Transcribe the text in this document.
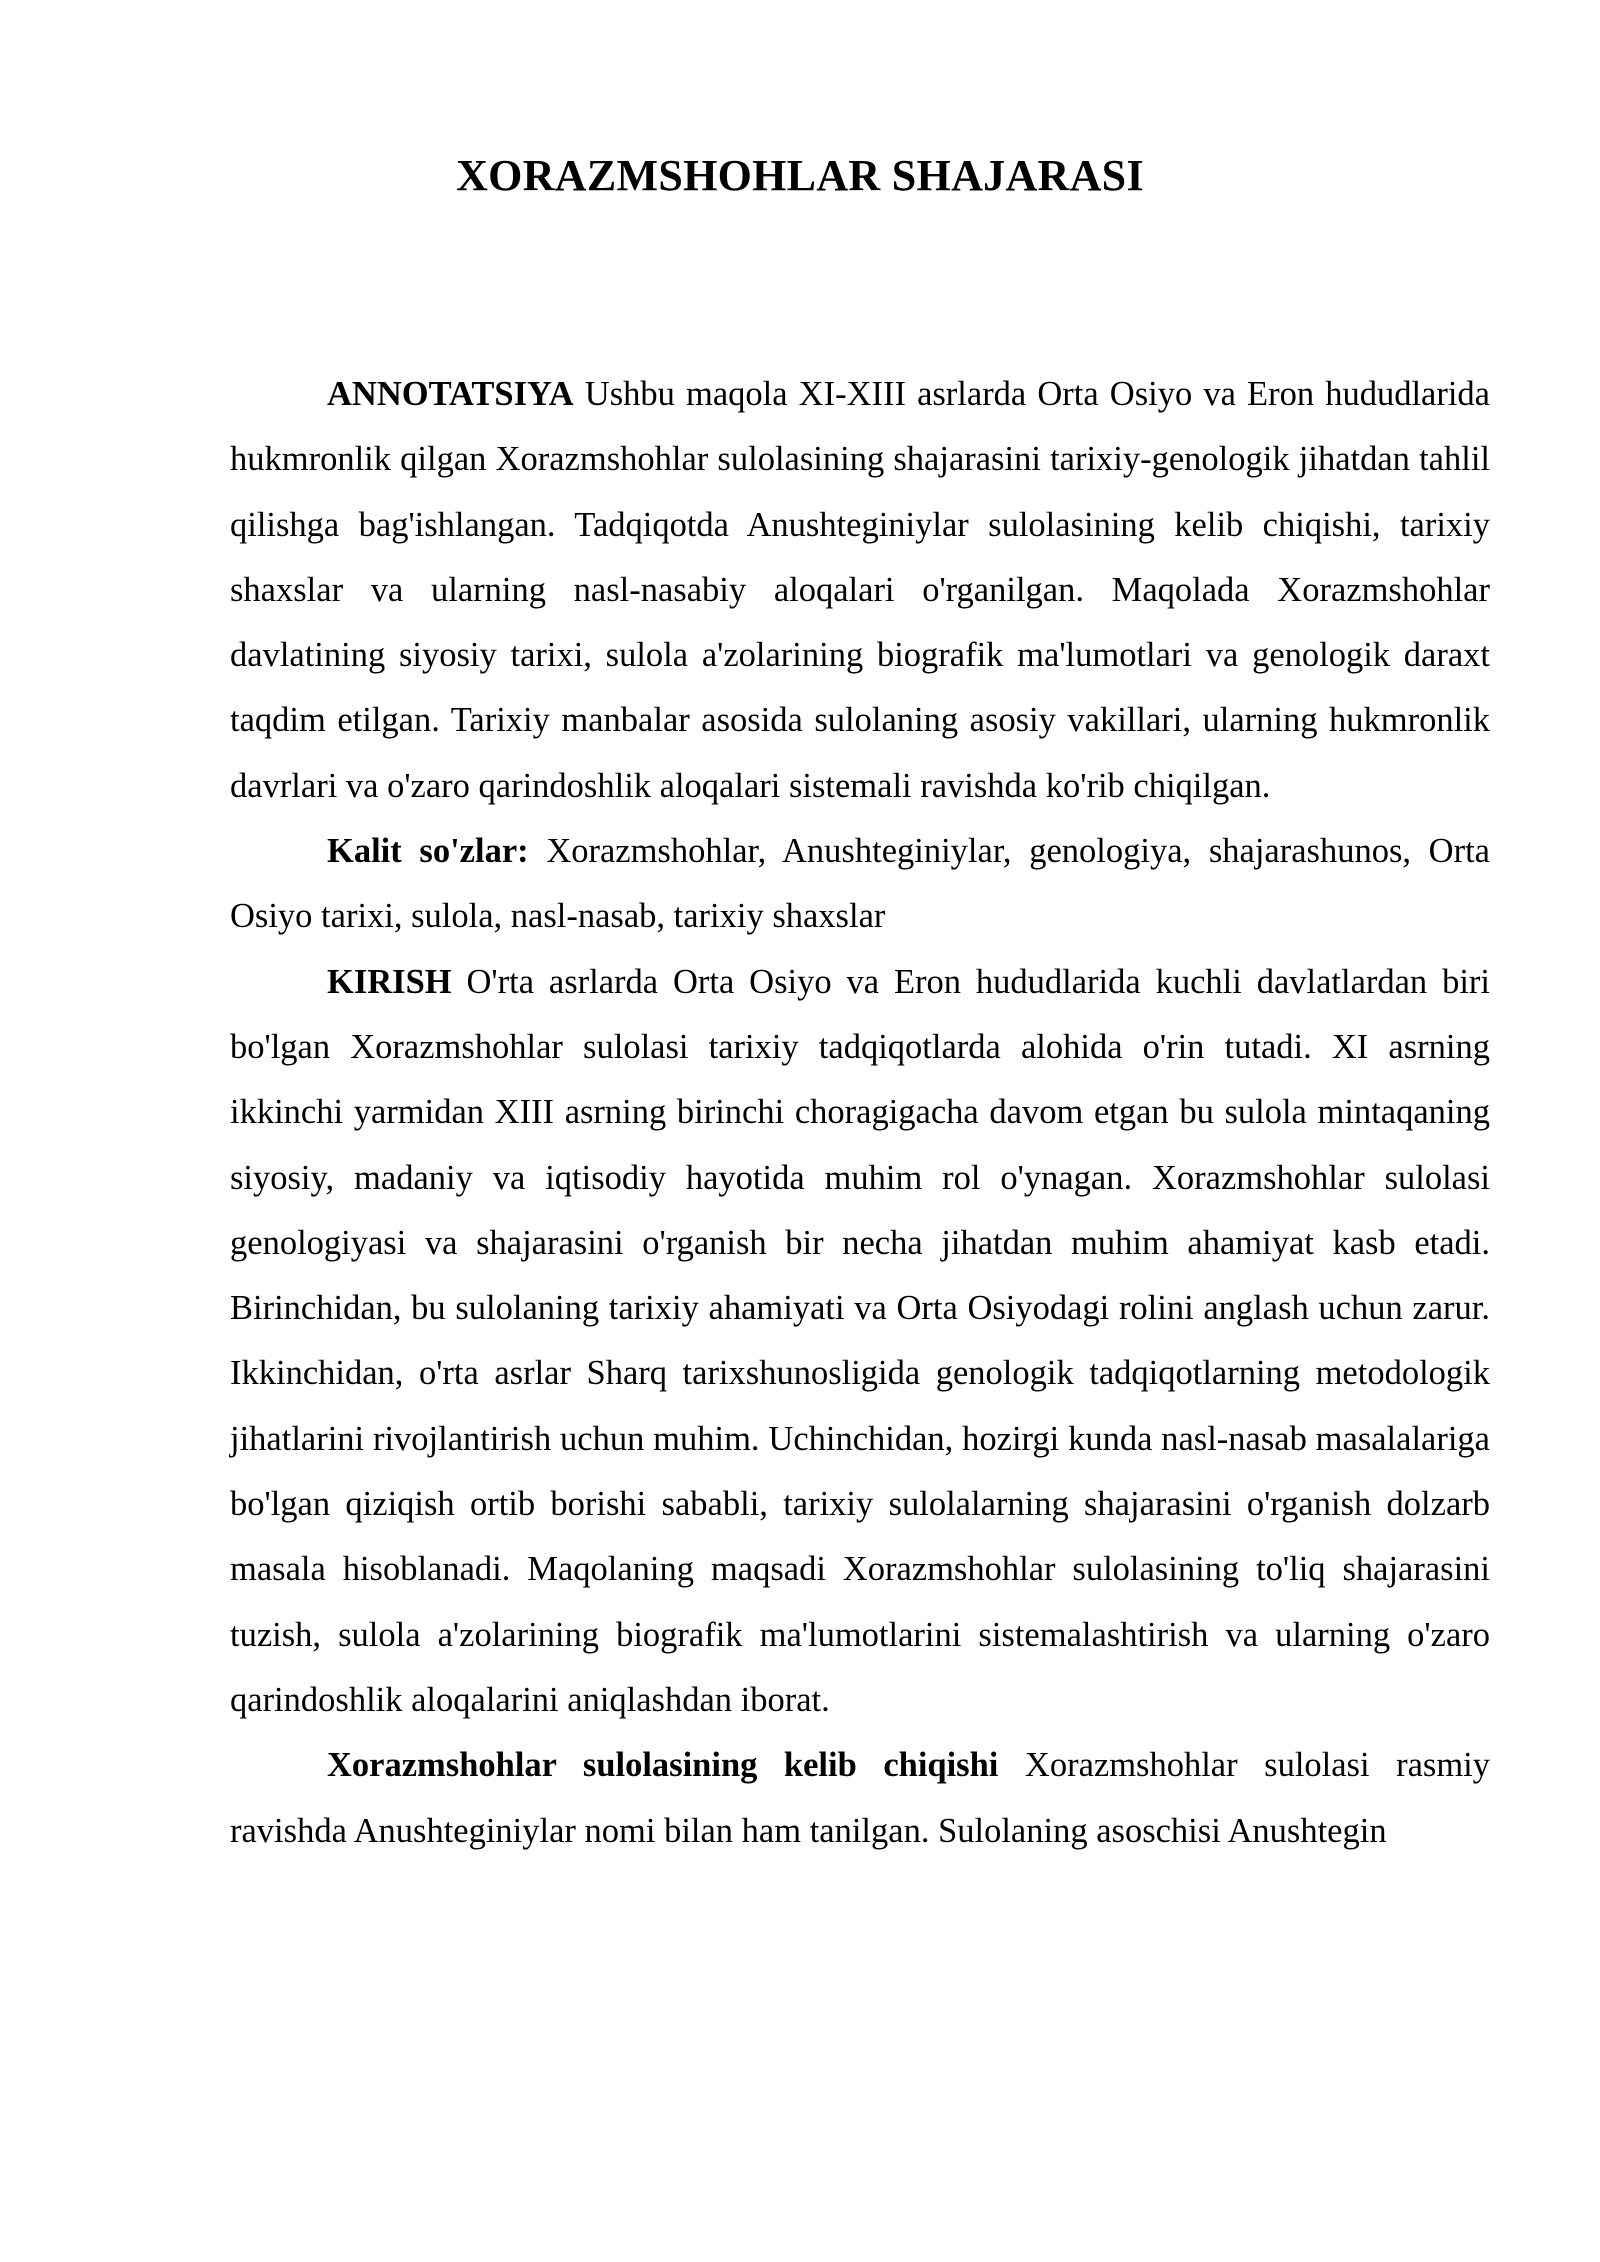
XORAZMSHOHLAR SHAJARASI

ANNOTATSIYA Ushbu maqola XI-XIII asrlarda Orta Osiyo va Eron hududlarida hukmronlik qilgan Xorazmshohlar sulolasining shajarasini tarixiy-genologik jihatdan tahlil qilishga bag'ishlangan. Tadqiqotda Anushteginiylar sulolasining kelib chiqishi, tarixiy shaxslar va ularning nasl-nasabiy aloqalari o'rganilgan. Maqolada Xorazmshohlar davlatining siyosiy tarixi, sulola a'zolarining biografik ma'lumotlari va genologik daraxt taqdim etilgan. Tarixiy manbalar asosida sulolaning asosiy vakillari, ularning hukmronlik davrlari va o'zaro qarindoshlik aloqalari sistemali ravishda ko'rib chiqilgan.

Kalit so'zlar: Xorazmshohlar, Anushteginiylar, genologiya, shajarashunos, Orta Osiyo tarixi, sulola, nasl-nasab, tarixiy shaxslar

KIRISH O'rta asrlarda Orta Osiyo va Eron hududlarida kuchli davlatlardan biri bo'lgan Xorazmshohlar sulolasi tarixiy tadqiqotlarda alohida o'rin tutadi. XI asrning ikkinchi yarmidan XIII asrning birinchi choragigacha davom etgan bu sulola mintaqaning siyosiy, madaniy va iqtisodiy hayotida muhim rol o'ynagan. Xorazmshohlar sulolasi genologiyasi va shajarasini o'rganish bir necha jihatdan muhim ahamiyat kasb etadi. Birinchidan, bu sulolaning tarixiy ahamiyati va Orta Osiyodagi rolini anglash uchun zarur. Ikkinchidan, o'rta asrlar Sharq tarixshunosligida genologik tadqiqotlarning metodologik jihatlarini rivojlantirish uchun muhim. Uchinchidan, hozirgi kunda nasl-nasab masalalariga bo'lgan qiziqish ortib borishi sababli, tarixiy sulolalarning shajarasini o'rganish dolzarb masala hisoblanadi. Maqolaning maqsadi Xorazmshohlar sulolasining to'liq shajarasini tuzish, sulola a'zolarining biografik ma'lumotlarini sistemalashtirish va ularning o'zaro qarindoshlik aloqalarini aniqlashdan iborat.

Xorazmshohlar sulolasining kelib chiqishi Xorazmshohlar sulolasi rasmiy ravishda Anushteginiylar nomi bilan ham tanilgan. Sulolaning asoschisi Anushtegin
